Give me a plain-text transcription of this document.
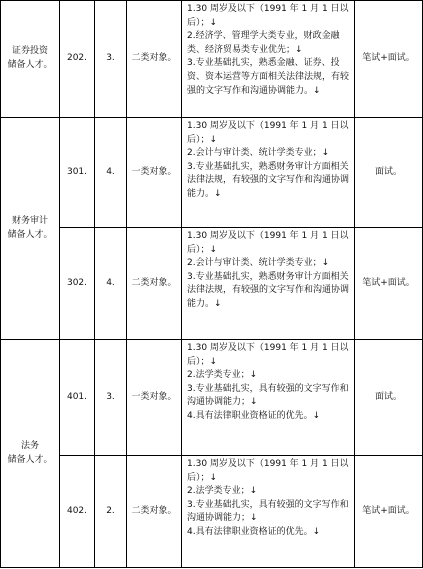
证券投资
储备人才。	202.	3.	二类对象。	1.30 周岁及以下（1991 年 1 月 1 日以后）；↓
2.经济学、管理学大类专业，财政金融类、经济贸易类专业优先；↓
3.专业基础扎实，熟悉金融、证券、投资、资本运营等方面相关法律法规，有较强的文字写作和沟通协调能力。↓	笔试+面试。
财务审计
储备人才。	301.	4.	一类对象。	1.30 周岁及以下（1991 年 1 月 1 日以后）；↓
2.会计与审计类、统计学类专业；↓
3.专业基础扎实，熟悉财务审计方面相关法律法规，有较强的文字写作和沟通协调能力。↓	面试。
	302.	4.	二类对象。	1.30 周岁及以下（1991 年 1 月 1 日以后）；↓
2.会计与审计类、统计学类专业；↓
3.专业基础扎实，熟悉财务审计方面相关法律法规，有较强的文字写作和沟通协调能力。↓	笔试+面试。
法务
储备人才。	401.	3.	一类对象。	1.30 周岁及以下（1991 年 1 月 1 日以后）；↓
2.法学类专业；↓
3.专业基础扎实，具有较强的文字写作和沟通协调能力；↓
4.具有法律职业资格证的优先。↓	面试。
	402.	2.	二类对象。	1.30 周岁及以下（1991 年 1 月 1 日以后）；↓
2.法学类专业；↓
3.专业基础扎实，具有较强的文字写作和沟通协调能力；↓
4.具有法律职业资格证的优先。↓	笔试+面试。
